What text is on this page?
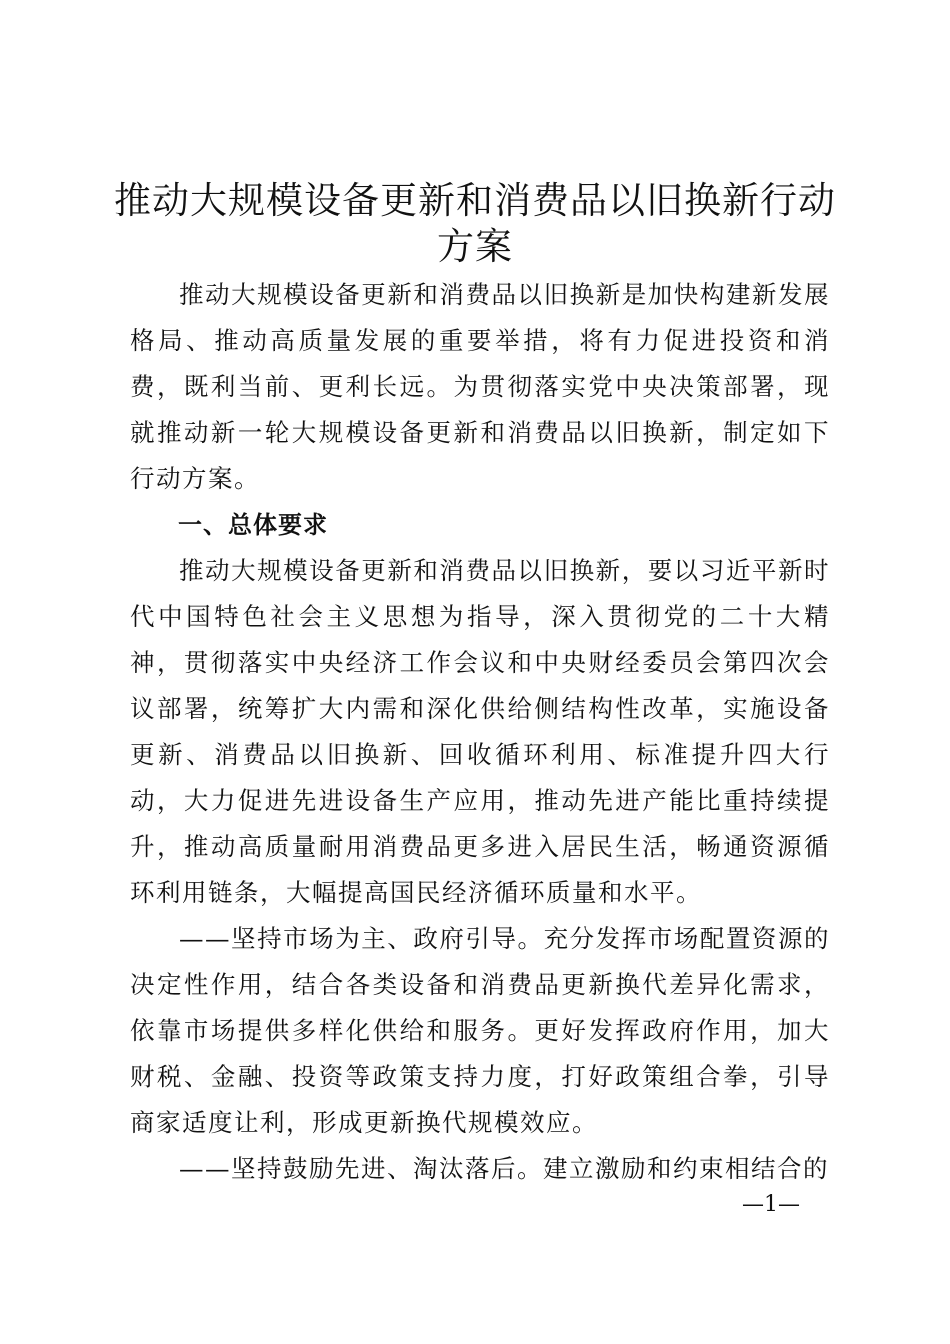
推动大规模设备更新和消费品以旧换新行动方案

推动大规模设备更新和消费品以旧换新是加快构建新发展格局、推动高质量发展的重要举措，将有力促进投资和消费，既利当前、更利长远。为贯彻落实党中央决策部署，现就推动新一轮大规模设备更新和消费品以旧换新，制定如下行动方案。

一、总体要求

推动大规模设备更新和消费品以旧换新，要以习近平新时代中国特色社会主义思想为指导，深入贯彻党的二十大精神，贯彻落实中央经济工作会议和中央财经委员会第四次会议部署，统筹扩大内需和深化供给侧结构性改革，实施设备更新、消费品以旧换新、回收循环利用、标准提升四大行动，大力促进先进设备生产应用，推动先进产能比重持续提升，推动高质量耐用消费品更多进入居民生活，畅通资源循环利用链条，大幅提高国民经济循环质量和水平。

——坚持市场为主、政府引导。充分发挥市场配置资源的决定性作用，结合各类设备和消费品更新换代差异化需求，依靠市场提供多样化供给和服务。更好发挥政府作用，加大财税、金融、投资等政策支持力度，打好政策组合拳，引导商家适度让利，形成更新换代规模效应。

——坚持鼓励先进、淘汰落后。建立激励和约束相结合的

—1—
